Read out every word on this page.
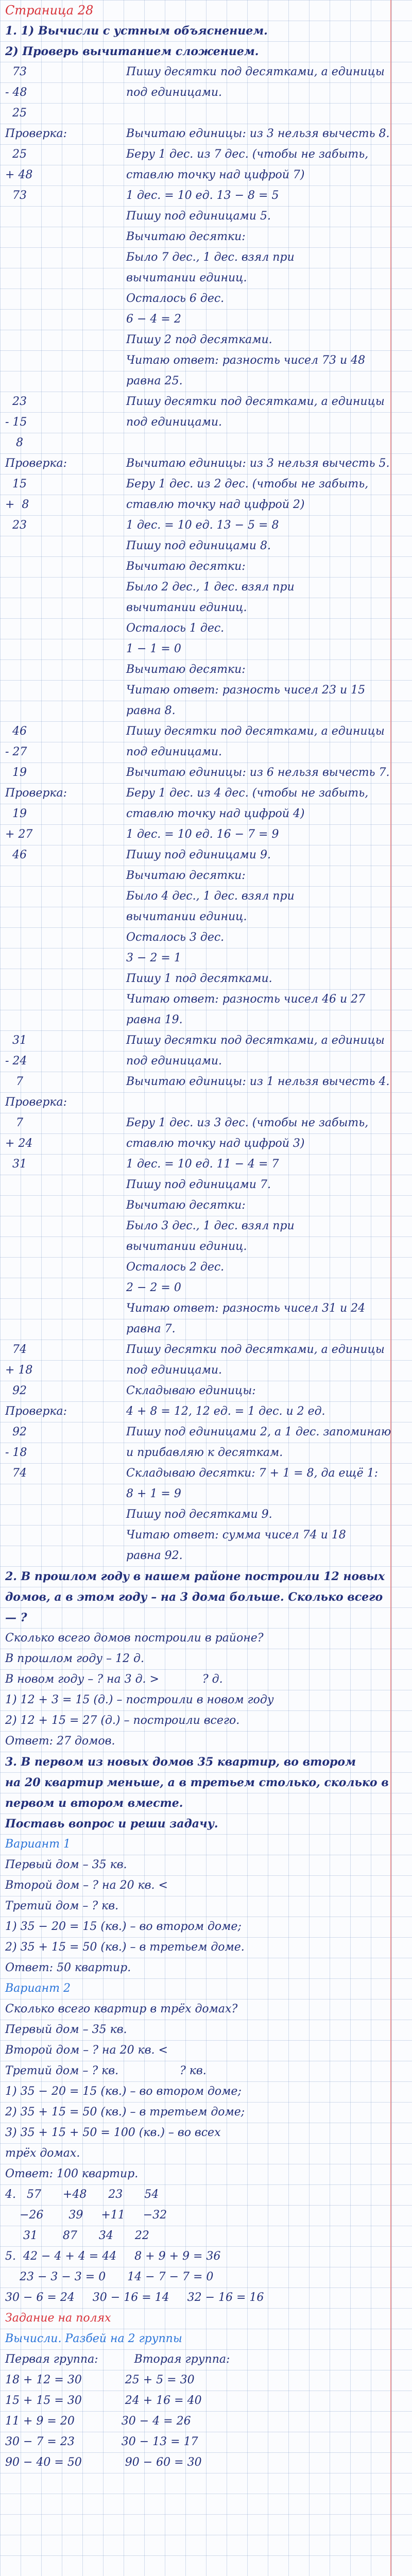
Страница 28
1. 1) Вычисли с устным объяснением.
2) Проверь вычитанием сложением.
73	Пишу десятки под десятками, а единицы
- 48	под единицами.
25
Проверка:	Вычитаю единицы: из 3 нельзя вычесть 8.
25	Беру 1 дес. из 7 дес. (чтобы не забыть,
+ 48	ставлю точку над цифрой 7)
73	1 дес. = 10 ед. 13 − 8 = 5
Пишу под единицами 5.
Вычитаю десятки:
Было 7 дес., 1 дес. взял при
вычитании единиц.
Осталось 6 дес.
6 − 4 = 2
Пишу 2 под десятками.
Читаю ответ: разность чисел 73 и 48
равна 25.
23	Пишу десятки под десятками, а единицы
- 15	под единицами.
8
Проверка:	Вычитаю единицы: из 3 нельзя вычесть 5.
15	Беру 1 дес. из 2 дес. (чтобы не забыть,
+  8	ставлю точку над цифрой 2)
23	1 дес. = 10 ед. 13 − 5 = 8
Пишу под единицами 8.
Вычитаю десятки:
Было 2 дес., 1 дес. взял при
вычитании единиц.
Осталось 1 дес.
1 − 1 = 0
Вычитаю десятки:
Читаю ответ: разность чисел 23 и 15
равна 8.
46	Пишу десятки под десятками, а единицы
- 27	под единицами.
19	Вычитаю единицы: из 6 нельзя вычесть 7.
Проверка:	Беру 1 дес. из 4 дес. (чтобы не забыть,
19	ставлю точку над цифрой 4)
+ 27	1 дес. = 10 ед. 16 − 7 = 9
46	Пишу под единицами 9.
Вычитаю десятки:
Было 4 дес., 1 дес. взял при
вычитании единиц.
Осталось 3 дес.
3 − 2 = 1
Пишу 1 под десятками.
Читаю ответ: разность чисел 46 и 27
равна 19.
31	Пишу десятки под десятками, а единицы
- 24	под единицами.
7	Вычитаю единицы: из 1 нельзя вычесть 4.
Проверка:
7	Беру 1 дес. из 3 дес. (чтобы не забыть,
+ 24	ставлю точку над цифрой 3)
31	1 дес. = 10 ед. 11 − 4 = 7
Пишу под единицами 7.
Вычитаю десятки:
Было 3 дес., 1 дес. взял при
вычитании единиц.
Осталось 2 дес.
2 − 2 = 0
Читаю ответ: разность чисел 31 и 24
равна 7.
74	Пишу десятки под десятками, а единицы
+ 18	под единицами.
92	Складываю единицы:
Проверка:	4 + 8 = 12, 12 ед. = 1 дес. и 2 ед.
92	Пишу под единицами 2, а 1 дес. запоминаю
- 18	и прибавляю к десяткам.
74	Складываю десятки: 7 + 1 = 8, да ещё 1:
8 + 1 = 9
Пишу под десятками 9.
Читаю ответ: сумма чисел 74 и 18
равна 92.
2. В прошлом году в нашем районе построили 12 новых
домов, а в этом году – на 3 дома больше. Сколько всего
— ?
Сколько всего домов построили в районе?
В прошлом году – 12 д.
В новом году – ? на 3 д. >            ? д.
1) 12 + 3 = 15 (д.) – построили в новом году
2) 12 + 15 = 27 (д.) – построили всего.
Ответ: 27 домов.
3. В первом из новых домов 35 квартир, во втором
на 20 квартир меньше, а в третьем столько, сколько в
первом и втором вместе.
Поставь вопрос и реши задачу.
Вариант 1
Первый дом – 35 кв.
Второй дом – ? на 20 кв. <
Третий дом – ? кв.
1) 35 − 20 = 15 (кв.) – во втором доме;
2) 35 + 15 = 50 (кв.) – в третьем доме.
Ответ: 50 квартир.
Вариант 2
Сколько всего квартир в трёх домах?
Первый дом – 35 кв.
Второй дом – ? на 20 кв. <
Третий дом – ? кв.                 ? кв.
1) 35 − 20 = 15 (кв.) – во втором доме;
2) 35 + 15 = 50 (кв.) – в третьем доме;
3) 35 + 15 + 50 = 100 (кв.) – во всех
трёх домах.
Ответ: 100 квартир.
4.   57      +48      23      54
−26       39     +11     −32
31       87      34      22
5.  42 − 4 + 4 = 44     8 + 9 + 9 = 36
23 − 3 − 3 = 0      14 − 7 − 7 = 0
30 − 6 = 24     30 − 16 = 14     32 − 16 = 16
Задание на полях
Вычисли. Разбей на 2 группы
Первая группа:          Вторая группа:
18 + 12 = 30            25 + 5 = 30
15 + 15 = 30            24 + 16 = 40
11 + 9 = 20             30 − 4 = 26
30 − 7 = 23             30 − 13 = 17
90 − 40 = 50            90 − 60 = 30
